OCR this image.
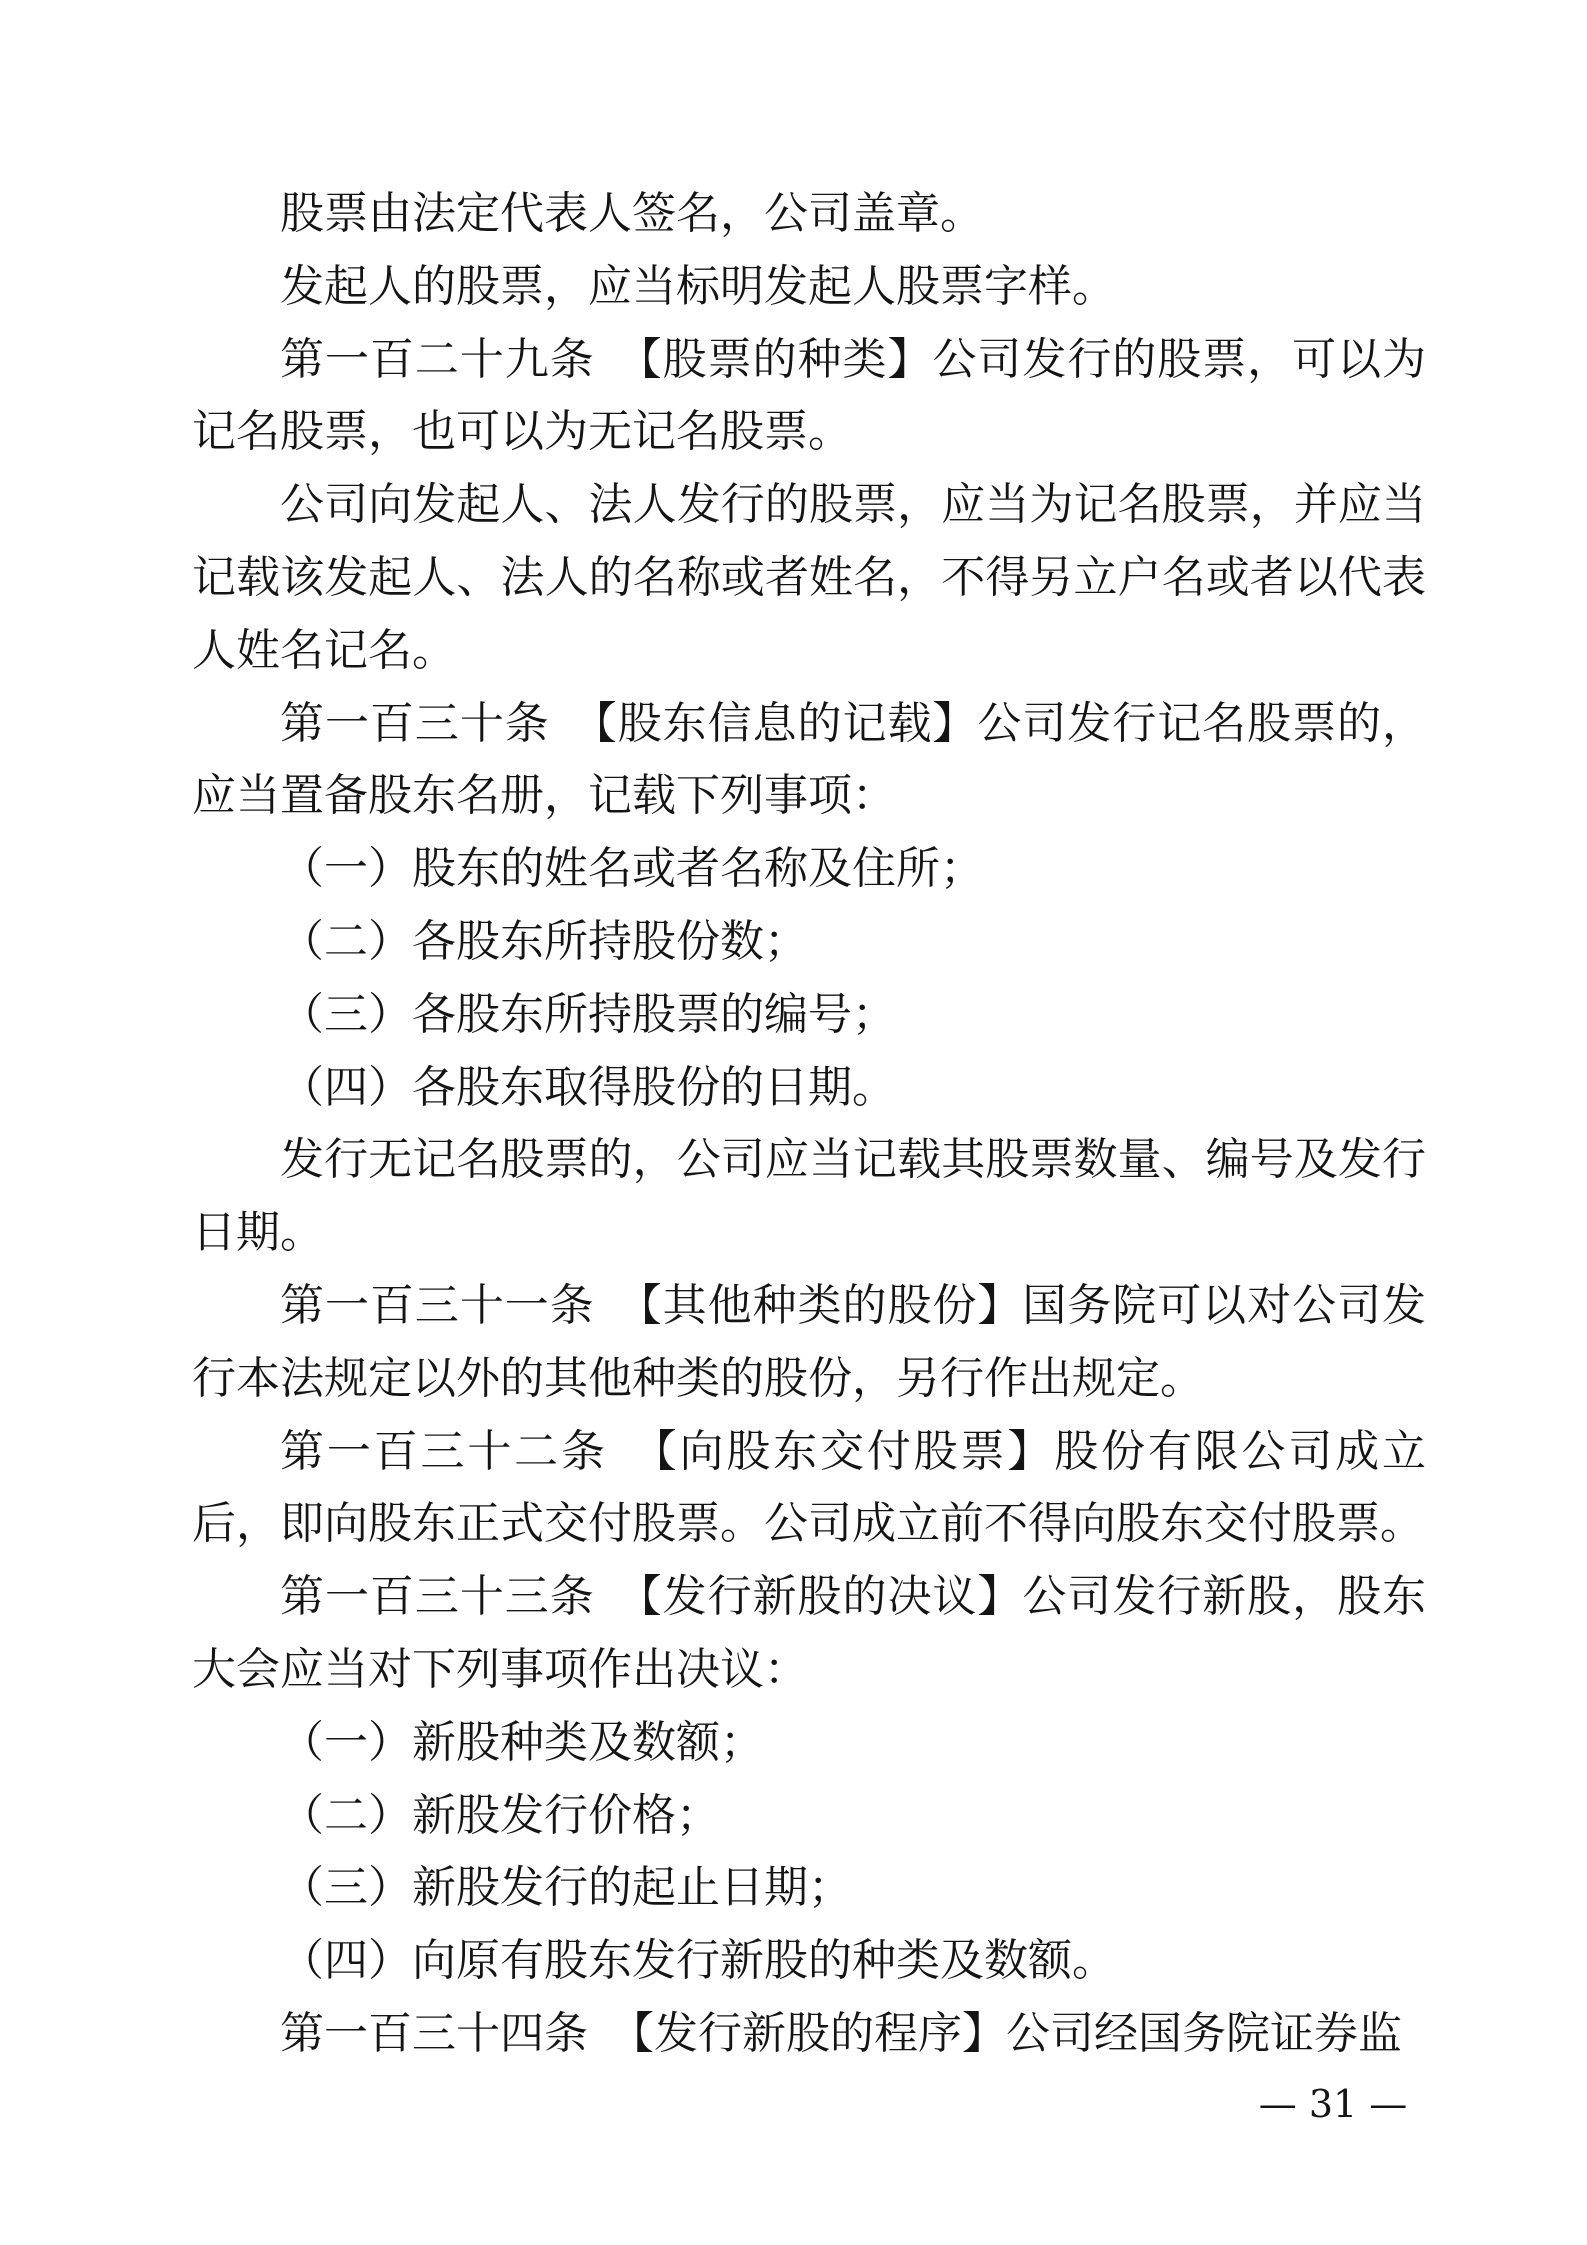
股票由法定代表人签名，公司盖章。

发起人的股票，应当标明发起人股票字样。

第一百二十九条　 【股票的种类】公司发行的股票，可以为记名股票，也可以为无记名股票。

公司向发起人、法人发行的股票，应当为记名股票，并应当记载该发起人、法人的名称或者姓名，不得另立户名或者以代表人姓名记名。

第一百三十条　 【股东信息的记载】公司发行记名股票的，应当置备股东名册，记载下列事项：

（一）股东的姓名或者名称及住所；

（二）各股东所持股份数；

（三）各股东所持股票的编号；

（四）各股东取得股份的日期。

发行无记名股票的，公司应当记载其股票数量、编号及发行日期。

第一百三十一条　 【其他种类的股份】国务院可以对公司发行本法规定以外的其他种类的股份，另行作出规定。

第一百三十二条　 【向股东交付股票】股份有限公司成立后，即向股东正式交付股票。公司成立前不得向股东交付股票。

第一百三十三条　 【发行新股的决议】公司发行新股，股东大会应当对下列事项作出决议：

（一）新股种类及数额；

（二）新股发行价格；

（三）新股发行的起止日期；

（四）向原有股东发行新股的种类及数额。

第一百三十四条　 【发行新股的程序】公司经国务院证券监

— 31 —
